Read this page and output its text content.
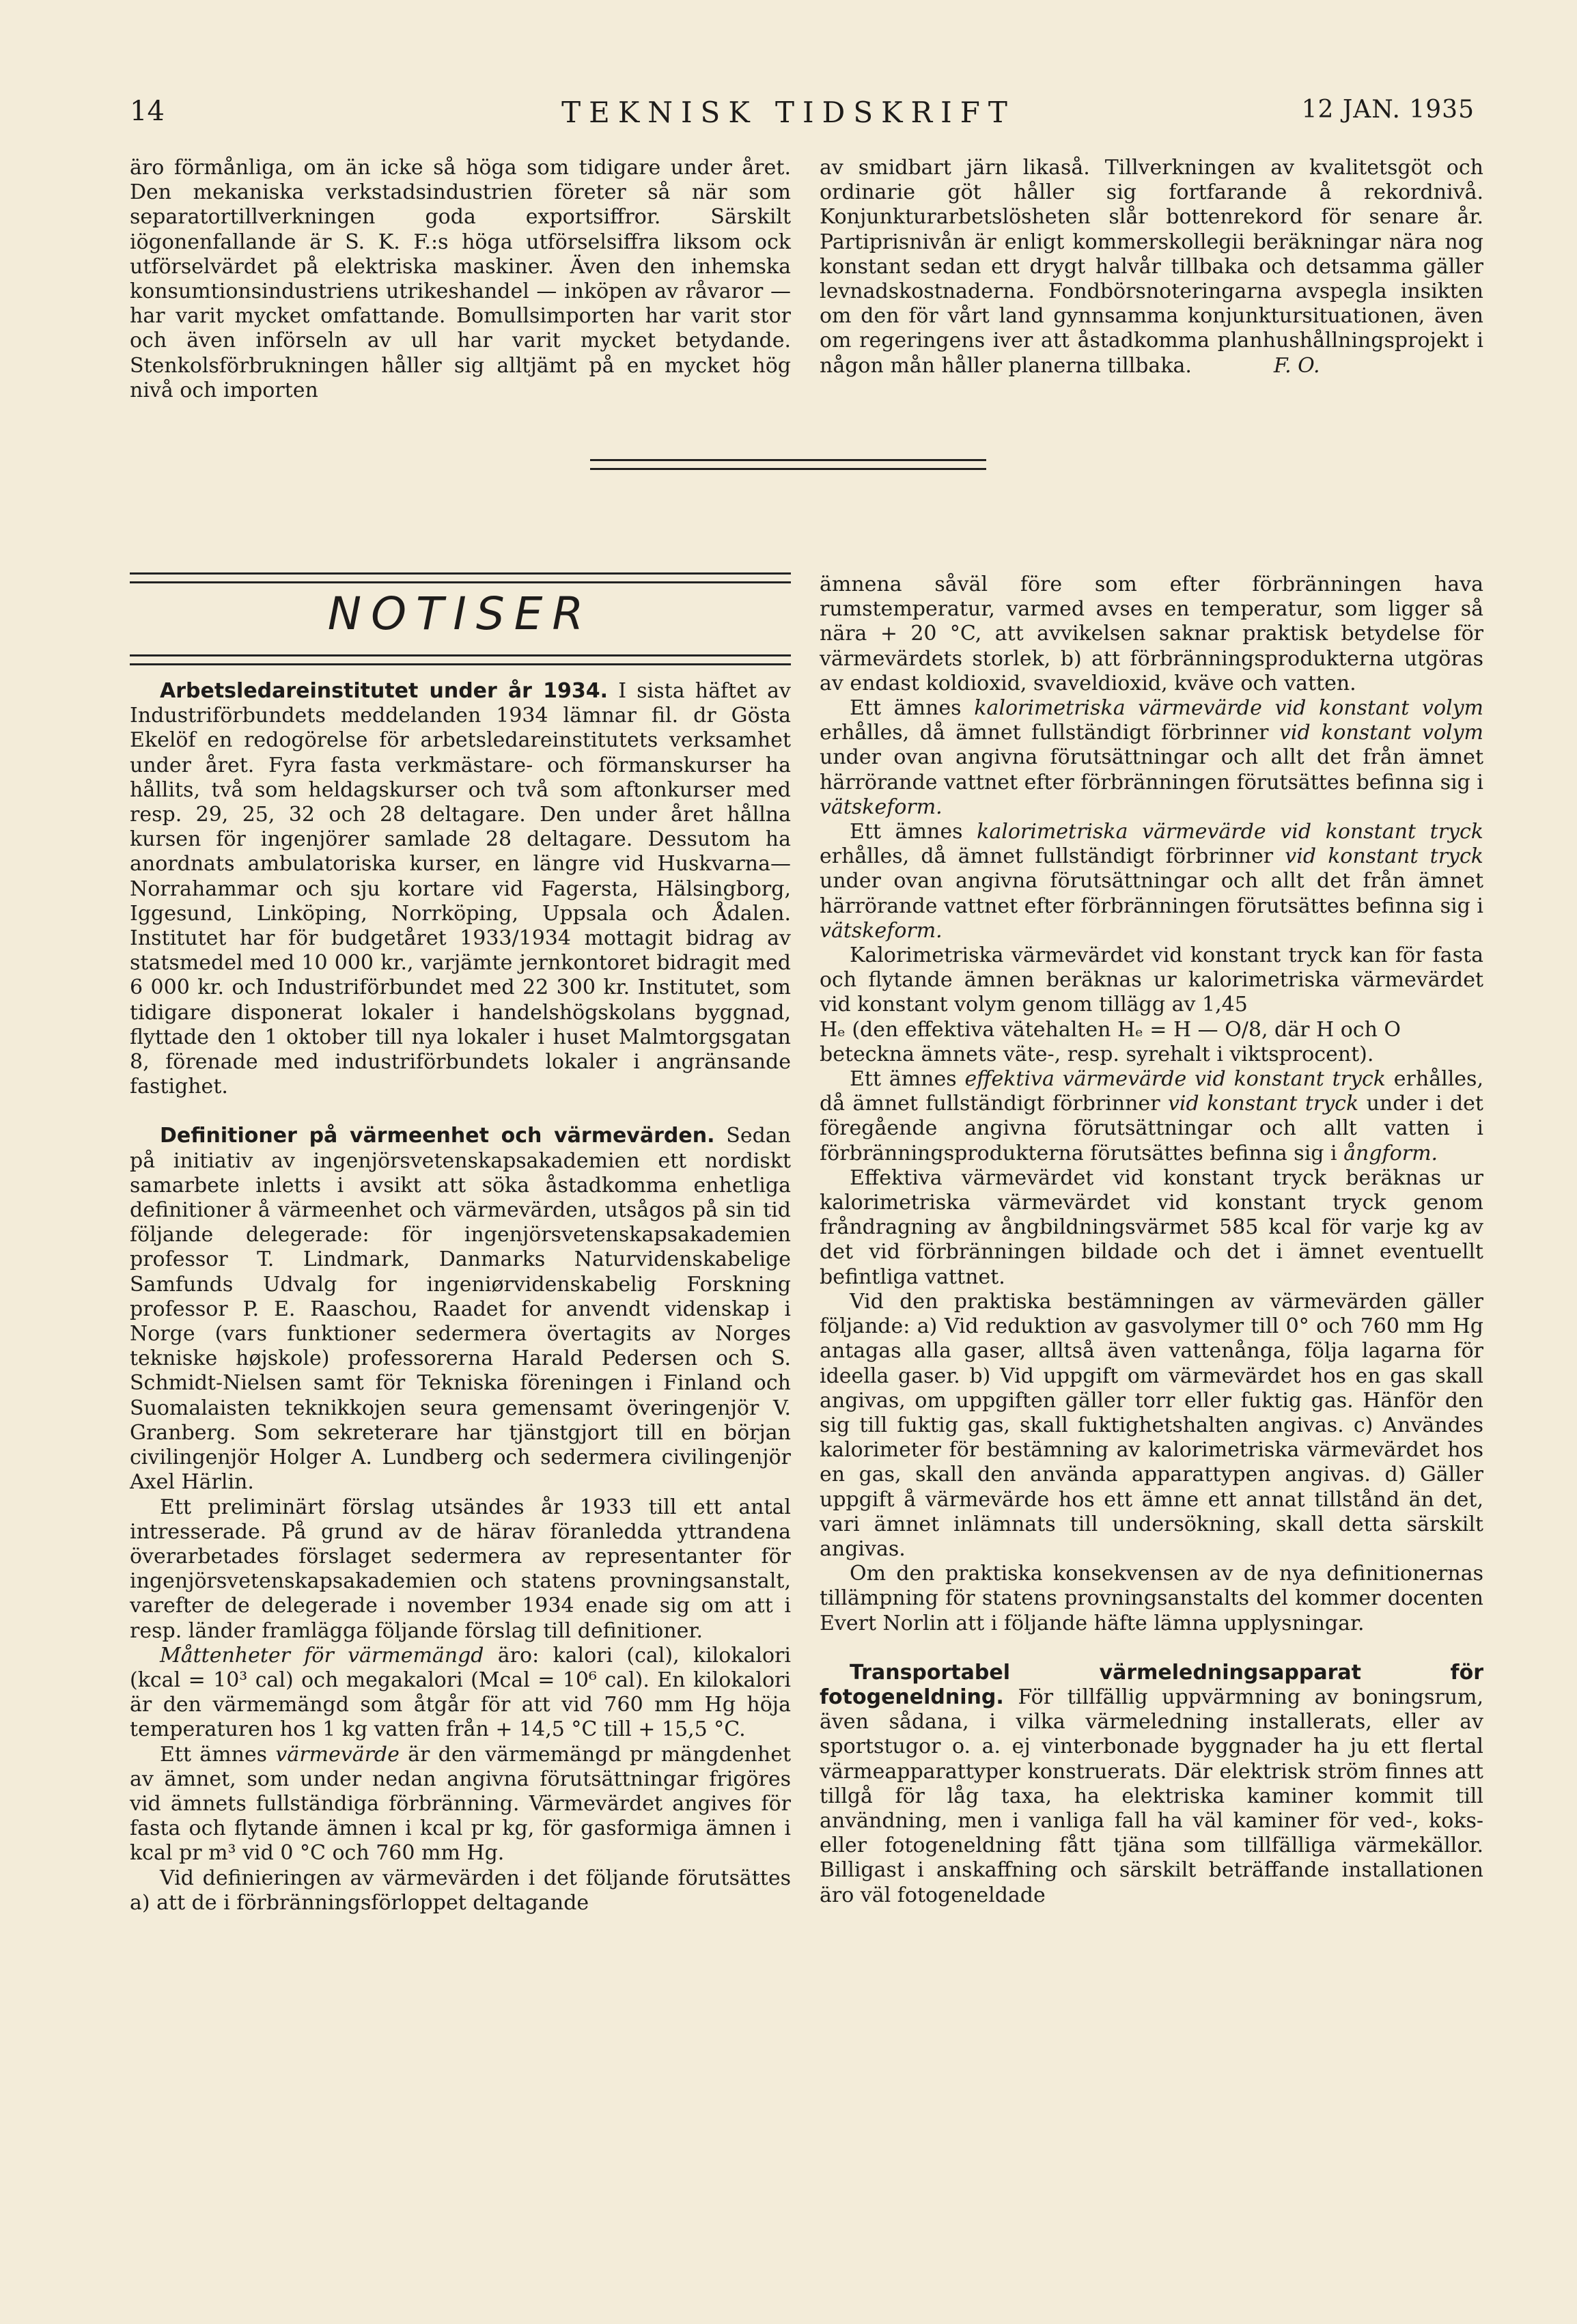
14	TEKNISK TIDSKRIFT	12 JAN. 1935

äro förmånliga, om än icke så höga som tidigare under året. Den mekaniska verkstadsindustrien företer så när som separatortillverkningen goda exportsiffror. Särskilt iögonenfallande är S. K. F.:s höga utförselsiffra liksom ock utförselvärdet på elektriska maskiner. Även den inhemska konsumtionsindustriens utrikeshandel — inköpen av råvaror — har varit mycket omfattande. Bomullsimporten har varit stor och även införseln av ull har varit mycket betydande. Stenkolsförbrukningen håller sig alltjämt på en mycket hög nivå och importen

av smidbart järn likaså. Tillverkningen av kvalitetsgöt och ordinarie göt håller sig fortfarande å rekordnivå. Konjunkturarbetslösheten slår bottenrekord för senare år. Partiprisnivån är enligt kommerskollegii beräkningar nära nog konstant sedan ett drygt halvår tillbaka och detsamma gäller levnadskostnaderna. Fondbörsnoteringarna avspegla insikten om den för vårt land gynnsamma konjunktursituationen, även om regeringens iver att åstadkomma planhushållningsprojekt i någon mån håller planerna tillbaka.	F. O.

NOTISER

Arbetsledareinstitutet under år 1934. I sista häftet av Industriförbundets meddelanden 1934 lämnar fil. dr Gösta Ekelöf en redogörelse för arbetsledareinstitutets verksamhet under året. Fyra fasta verkmästare- och förmanskurser ha hållits, två som heldagskurser och två som aftonkurser med resp. 29, 25, 32 och 28 deltagare. Den under året hållna kursen för ingenjörer samlade 28 deltagare. Dessutom ha anordnats ambulatoriska kurser, en längre vid Huskvarna—Norrahammar och sju kortare vid Fagersta, Hälsingborg, Iggesund, Linköping, Norrköping, Uppsala och Ådalen. Institutet har för budgetåret 1933/1934 mottagit bidrag av statsmedel med 10 000 kr., varjämte jernkontoret bidragit med 6 000 kr. och Industriförbundet med 22 300 kr. Institutet, som tidigare disponerat lokaler i handelshögskolans byggnad, flyttade den 1 oktober till nya lokaler i huset Malmtorgsgatan 8, förenade med industriförbundets lokaler i angränsande fastighet.

Definitioner på värmeenhet och värmevärden. Sedan på initiativ av ingenjörsvetenskapsakademien ett nordiskt samarbete inletts i avsikt att söka åstadkomma enhetliga definitioner å värmeenhet och värmevärden, utsågos på sin tid följande delegerade: för ingenjörsvetenskapsakademien professor T. Lindmark, Danmarks Naturvidenskabelige Samfunds Udvalg for ingeniørvidenskabelig Forskning professor P. E. Raaschou, Raadet for anvendt videnskap i Norge (vars funktioner sedermera övertagits av Norges tekniske højskole) professorerna Harald Pedersen och S. Schmidt-Nielsen samt för Tekniska föreningen i Finland och Suomalaisten teknikkojen seura gemensamt överingenjör V. Granberg. Som sekreterare har tjänstgjort till en början civilingenjör Holger A. Lundberg och sedermera civilingenjör Axel Härlin.

Ett preliminärt förslag utsändes år 1933 till ett antal intresserade. På grund av de härav föranledda yttrandena överarbetades förslaget sedermera av representanter för ingenjörsvetenskapsakademien och statens provningsanstalt, varefter de delegerade i november 1934 enade sig om att i resp. länder framlägga följande förslag till definitioner.

Måttenheter för värmemängd äro: kalori (cal), kilokalori (kcal = 10³ cal) och megakalori (Mcal = 10⁶ cal). En kilokalori är den värmemängd som åtgår för att vid 760 mm Hg höja temperaturen hos 1 kg vatten från + 14,5 °C till + 15,5 °C.

Ett ämnes värmevärde är den värmemängd pr mängdenhet av ämnet, som under nedan angivna förutsättningar frigöres vid ämnets fullständiga förbränning. Värmevärdet angives för fasta och flytande ämnen i kcal pr kg, för gasformiga ämnen i kcal pr m³ vid 0 °C och 760 mm Hg.

Vid definieringen av värmevärden i det följande förutsättes a) att de i förbränningsförloppet deltagande

ämnena såväl före som efter förbränningen hava rumstemperatur, varmed avses en temperatur, som ligger så nära + 20 °C, att avvikelsen saknar praktisk betydelse för värmevärdets storlek, b) att förbränningsprodukterna utgöras av endast koldioxid, svaveldioxid, kväve och vatten.

Ett ämnes kalorimetriska värmevärde vid konstant volym erhålles, då ämnet fullständigt förbrinner vid konstant volym under ovan angivna förutsättningar och allt det från ämnet härrörande vattnet efter förbränningen förutsättes befinna sig i vätskeform.

Ett ämnes kalorimetriska värmevärde vid konstant tryck erhålles, då ämnet fullständigt förbrinner vid konstant tryck under ovan angivna förutsättningar och allt det från ämnet härrörande vattnet efter förbränningen förutsättes befinna sig i vätskeform.

Kalorimetriska värmevärdet vid konstant tryck kan för fasta och flytande ämnen beräknas ur kalorimetriska värmevärdet vid konstant volym genom tillägg av 1,45

Hₑ (den effektiva vätehalten Hₑ = H — O/8, där H och O

beteckna ämnets väte-, resp. syrehalt i viktsprocent).

Ett ämnes effektiva värmevärde vid konstant tryck erhålles, då ämnet fullständigt förbrinner vid konstant tryck under i det föregående angivna förutsättningar och allt vatten i förbränningsprodukterna förutsättes befinna sig i ångform.

Effektiva värmevärdet vid konstant tryck beräknas ur kalorimetriska värmevärdet vid konstant tryck genom fråndragning av ångbildningsvärmet 585 kcal för varje kg av det vid förbränningen bildade och det i ämnet eventuellt befintliga vattnet.

Vid den praktiska bestämningen av värmevärden gäller följande: a) Vid reduktion av gasvolymer till 0° och 760 mm Hg antagas alla gaser, alltså även vattenånga, följa lagarna för ideella gaser. b) Vid uppgift om värmevärdet hos en gas skall angivas, om uppgiften gäller torr eller fuktig gas. Hänför den sig till fuktig gas, skall fuktighetshalten angivas. c) Användes kalorimeter för bestämning av kalorimetriska värmevärdet hos en gas, skall den använda apparattypen angivas. d) Gäller uppgift å värmevärde hos ett ämne ett annat tillstånd än det, vari ämnet inlämnats till undersökning, skall detta särskilt angivas.

Om den praktiska konsekvensen av de nya definitionernas tillämpning för statens provningsanstalts del kommer docenten Evert Norlin att i följande häfte lämna upplysningar.

Transportabel värmeledningsapparat för fotogeneldning. För tillfällig uppvärmning av boningsrum, även sådana, i vilka värmeledning installerats, eller av sportstugor o. a. ej vinterbonade byggnader ha ju ett flertal värmeapparattyper konstruerats. Där elektrisk ström finnes att tillgå för låg taxa, ha elektriska kaminer kommit till användning, men i vanliga fall ha väl kaminer för ved-, koks- eller fotogeneldning fått tjäna som tillfälliga värmekällor. Billigast i anskaffning och särskilt beträffande installationen äro väl fotogeneldade
